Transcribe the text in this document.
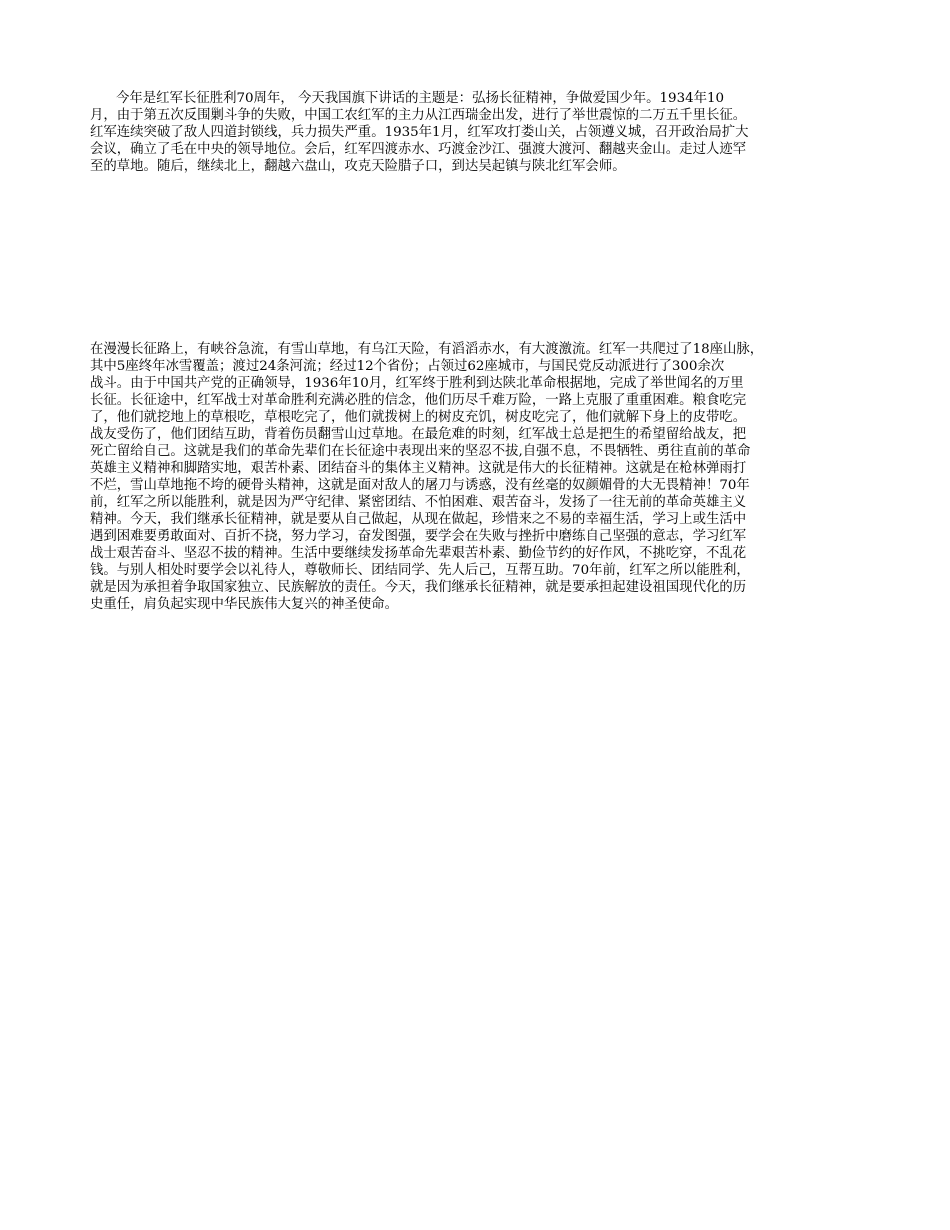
今年是红军长征胜利70周年， 今天我国旗下讲话的主题是：弘扬长征精神，争做爱国少年。1934年10
月，由于第五次反围剿斗争的失败，中国工农红军的主力从江西瑞金出发，进行了举世震惊的二万五千里长征。
红军连续突破了敌人四道封锁线，兵力损失严重。1935年1月，红军攻打娄山关，占领遵义城，召开政治局扩大
会议，确立了毛在中央的领导地位。会后，红军四渡赤水、巧渡金沙江、强渡大渡河、翻越夹金山。走过人迹罕
至的草地。随后，继续北上，翻越六盘山，攻克天险腊子口，到达吴起镇与陕北红军会师。
在漫漫长征路上，有峡谷急流，有雪山草地，有乌江天险，有滔滔赤水，有大渡激流。红军一共爬过了18座山脉，
其中5座终年冰雪覆盖；渡过24条河流；经过12个省份；占领过62座城市，与国民党反动派进行了300余次
战斗。由于中国共产党的正确领导，1936年10月，红军终于胜利到达陕北革命根据地，完成了举世闻名的万里
长征。长征途中，红军战士对革命胜利充满必胜的信念，他们历尽千难万险，一路上克服了重重困难。粮食吃完
了，他们就挖地上的草根吃，草根吃完了，他们就拨树上的树皮充饥，树皮吃完了，他们就解下身上的皮带吃。
战友受伤了，他们团结互助，背着伤员翻雪山过草地。在最危难的时刻，红军战士总是把生的希望留给战友，把
死亡留给自己。这就是我们的革命先辈们在长征途中表现出来的坚忍不拔,自强不息，不畏牺牲、勇往直前的革命
英雄主义精神和脚踏实地，艰苦朴素、团结奋斗的集体主义精神。这就是伟大的长征精神。这就是在枪林弹雨打
不烂，雪山草地拖不垮的硬骨头精神，这就是面对敌人的屠刀与诱惑，没有丝毫的奴颜媚骨的大无畏精神！70年
前，红军之所以能胜利，就是因为严守纪律、紧密团结、不怕困难、艰苦奋斗，发扬了一往无前的革命英雄主义
精神。今天，我们继承长征精神，就是要从自己做起，从现在做起，珍惜来之不易的幸福生活，学习上或生活中
遇到困难要勇敢面对、百折不挠，努力学习，奋发图强，要学会在失败与挫折中磨练自己坚强的意志，学习红军
战士艰苦奋斗、坚忍不拔的精神。生活中要继续发扬革命先辈艰苦朴素、勤俭节约的好作风，不挑吃穿，不乱花
钱。与别人相处时要学会以礼待人，尊敬师长、团结同学、先人后己，互帮互助。70年前，红军之所以能胜利，
就是因为承担着争取国家独立、民族解放的责任。今天，我们继承长征精神，就是要承担起建设祖国现代化的历
史重任，肩负起实现中华民族伟大复兴的神圣使命。
